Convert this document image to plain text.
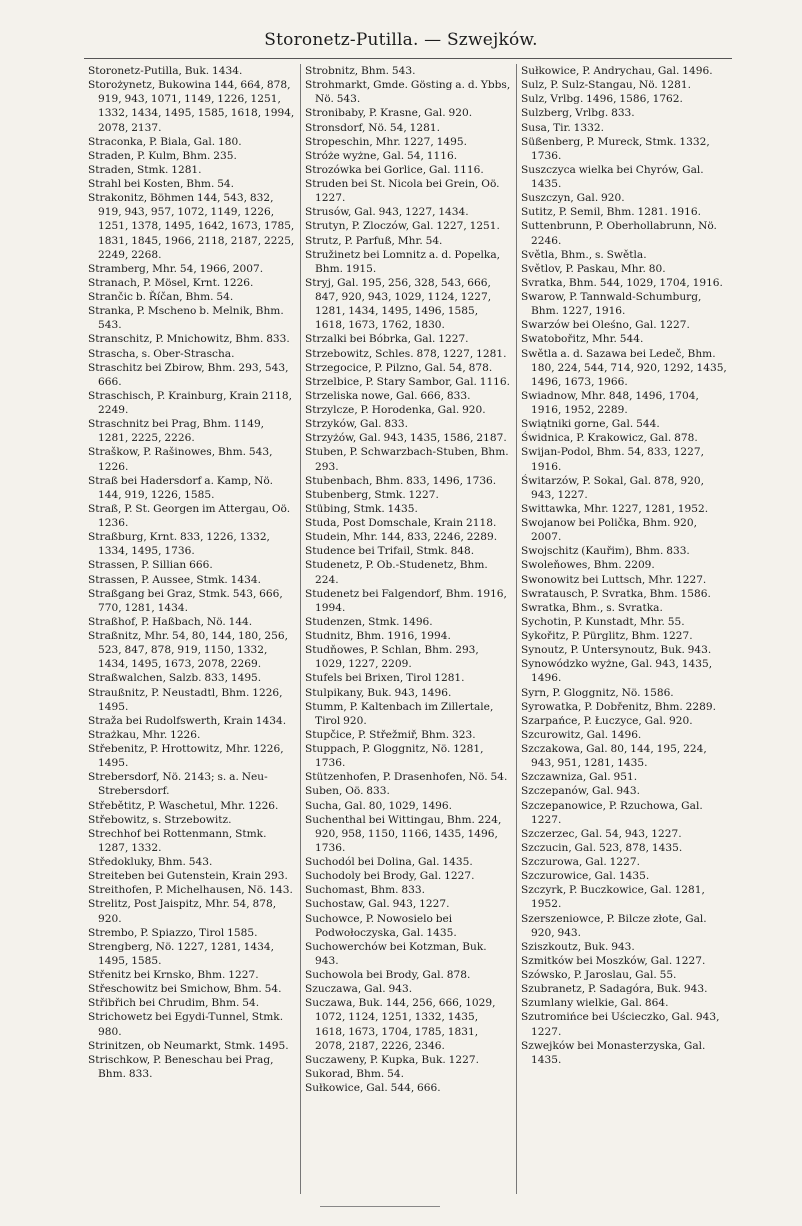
Storonetz-Putilla. — Szwejków.
Storonetz-Putilla, Buk. 1434.
Storożynetz, Bukowina 144, 664, 878, 919, 943, 1071, 1149, 1226, 1251, 1332, 1434, 1495, 1585, 1618, 1994, 2078, 2137.
Straconka, P. Biala, Gal. 180.
Straden, P. Kulm, Bhm. 235.
Straden, Stmk. 1281.
Strahl bei Kosten, Bhm. 54.
Strakonitz, Böhmen 144, 543, 832, 919, 943, 957, 1072, 1149, 1226, 1251, 1378, 1495, 1642, 1673, 1785, 1831, 1845, 1966, 2118, 2187, 2225, 2249, 2268.
Stramberg, Mhr. 54, 1966, 2007.
Stranach, P. Mösel, Krnt. 1226.
Strančic b. Říčan, Bhm. 54.
Stranka, P. Mscheno b. Melnik, Bhm. 543.
Stranschitz, P. Mnichowitz, Bhm. 833.
Strascha, s. Ober-Strascha.
Straschitz bei Zbirow, Bhm. 293, 543, 666.
Straschisch, P. Krainburg, Krain 2118, 2249.
Straschnitz bei Prag, Bhm. 1149, 1281, 2225, 2226.
Straškow, P. Rašinowes, Bhm. 543, 1226.
Straß bei Hadersdorf a. Kamp, Nö. 144, 919, 1226, 1585.
Straß, P. St. Georgen im Attergau, Oö. 1236.
Straßburg, Krnt. 833, 1226, 1332, 1334, 1495, 1736.
Strassen, P. Sillian 666.
Strassen, P. Aussee, Stmk. 1434.
Straßgang bei Graz, Stmk. 543, 666, 770, 1281, 1434.
Straßhof, P. Haßbach, Nö. 144.
Straßnitz, Mhr. 54, 80, 144, 180, 256, 523, 847, 878, 919, 1150, 1332, 1434, 1495, 1673, 2078, 2269.
Straßwalchen, Salzb. 833, 1495.
Straußnitz, P. Neustadtl, Bhm. 1226, 1495.
Straža bei Rudolfswerth, Krain 1434.
Strażkau, Mhr. 1226.
Střebenitz, P. Hrottowitz, Mhr. 1226, 1495.
Strebersdorf, Nö. 2143; s. a. Neu-Strebersdorf.
Střebětitz, P. Waschetul, Mhr. 1226.
Střebowitz, s. Strzebowitz.
Strechhof bei Rottenmann, Stmk. 1287, 1332.
Středokluky, Bhm. 543.
Streiteben bei Gutenstein, Krain 293.
Streithofen, P. Michelhausen, Nö. 143.
Strelitz, Post Jaispitz, Mhr. 54, 878, 920.
Strembo, P. Spiazzo, Tirol 1585.
Strengberg, Nö. 1227, 1281, 1434, 1495, 1585.
Střenitz bei Krnsko, Bhm. 1227.
Střeschowitz bei Smichow, Bhm. 54.
Střibřich bei Chrudim, Bhm. 54.
Strichowetz bei Egydi-Tunnel, Stmk. 980.
Strinitzen, ob Neumarkt, Stmk. 1495.
Strischkow, P. Beneschau bei Prag, Bhm. 833.
Strobnitz, Bhm. 543.
Strohmarkt, Gmde. Gösting a. d. Ybbs, Nö. 543.
Stronibaby, P. Krasne, Gal. 920.
Stronsdorf, Nö. 54, 1281.
Stropeschin, Mhr. 1227, 1495.
Stróże wyżne, Gal. 54, 1116.
Strozówka bei Gorlice, Gal. 1116.
Struden bei St. Nicola bei Grein, Oö. 1227.
Strusów, Gal. 943, 1227, 1434.
Strutyn, P. Zloczów, Gal. 1227, 1251.
Strutz, P. Parfuß, Mhr. 54.
Stružinetz bei Lomnitz a. d. Popelka, Bhm. 1915.
Stryj, Gal. 195, 256, 328, 543, 666, 847, 920, 943, 1029, 1124, 1227, 1281, 1434, 1495, 1496, 1585, 1618, 1673, 1762, 1830.
Strzalki bei Bóbrka, Gal. 1227.
Strzebowitz, Schles. 878, 1227, 1281.
Strzegocice, P. Pilzno, Gal. 54, 878.
Strzelbice, P. Stary Sambor, Gal. 1116.
Strzeliska nowe, Gal. 666, 833.
Strzylcze, P. Horodenka, Gal. 920.
Strzyków, Gal. 833.
Strzyżów, Gal. 943, 1435, 1586, 2187.
Stuben, P. Schwarzbach-Stuben, Bhm. 293.
Stubenbach, Bhm. 833, 1496, 1736.
Stubenberg, Stmk. 1227.
Stübing, Stmk. 1435.
Studa, Post Domschale, Krain 2118.
Studein, Mhr. 144, 833, 2246, 2289.
Studence bei Trifail, Stmk. 848.
Studenetz, P. Ob.-Studenetz, Bhm. 224.
Studenetz bei Falgendorf, Bhm. 1916, 1994.
Studenzen, Stmk. 1496.
Studnitz, Bhm. 1916, 1994.
Studňowes, P. Schlan, Bhm. 293, 1029, 1227, 2209.
Stufels bei Brixen, Tirol 1281.
Stulpikany, Buk. 943, 1496.
Stumm, P. Kaltenbach im Zillertale, Tirol 920.
Stupčice, P. Střežmiř, Bhm. 323.
Stuppach, P. Gloggnitz, Nö. 1281, 1736.
Stützenhofen, P. Drasenhofen, Nö. 54.
Suben, Oö. 833.
Sucha, Gal. 80, 1029, 1496.
Suchenthal bei Wittingau, Bhm. 224, 920, 958, 1150, 1166, 1435, 1496, 1736.
Suchodól bei Dolina, Gal. 1435.
Suchodoly bei Brody, Gal. 1227.
Suchomast, Bhm. 833.
Suchostaw, Gal. 943, 1227.
Suchowce, P. Nowosielo bei Podwołoczyska, Gal. 1435.
Suchowerchów bei Kotzman, Buk. 943.
Suchowola bei Brody, Gal. 878.
Szuczawa, Gal. 943.
Suczawa, Buk. 144, 256, 666, 1029, 1072, 1124, 1251, 1332, 1435, 1618, 1673, 1704, 1785, 1831, 2078, 2187, 2226, 2346.
Suczaweny, P. Kupka, Buk. 1227.
Sukorad, Bhm. 54.
Sułkowice, Gal. 544, 666.
Sułkowice, P. Andrychau, Gal. 1496.
Sulz, P. Sulz-Stangau, Nö. 1281.
Sulz, Vrlbg. 1496, 1586, 1762.
Sulzberg, Vrlbg. 833.
Susa, Tir. 1332.
Süßenberg, P. Mureck, Stmk. 1332, 1736.
Suszczyca wielka bei Chyrów, Gal. 1435.
Suszczyn, Gal. 920.
Sutitz, P. Semil, Bhm. 1281. 1916.
Suttenbrunn, P. Oberhollabrunn, Nö. 2246.
Světla, Bhm., s. Swětla.
Světlov, P. Paskau, Mhr. 80.
Svratka, Bhm. 544, 1029, 1704, 1916.
Swarow, P. Tannwald-Schumburg, Bhm. 1227, 1916.
Swarzów bei Oleśno, Gal. 1227.
Swatobořitz, Mhr. 544.
Swětla a. d. Sazawa bei Ledeč, Bhm. 180, 224, 544, 714, 920, 1292, 1435, 1496, 1673, 1966.
Swiadnow, Mhr. 848, 1496, 1704, 1916, 1952, 2289.
Swiątniki gorne, Gal. 544.
Świdnica, P. Krakowicz, Gal. 878.
Swijan-Podol, Bhm. 54, 833, 1227, 1916.
Świtarzów, P. Sokal, Gal. 878, 920, 943, 1227.
Swittawka, Mhr. 1227, 1281, 1952.
Swojanow bei Polička, Bhm. 920, 2007.
Swojschitz (Kauřim), Bhm. 833.
Swoleňowes, Bhm. 2209.
Swonowitz bei Luttsch, Mhr. 1227.
Swratausch, P. Svratka, Bhm. 1586.
Swratka, Bhm., s. Svratka.
Sychotin, P. Kunstadt, Mhr. 55.
Sykořitz, P. Pürglitz, Bhm. 1227.
Synoutz, P. Untersynoutz, Buk. 943.
Synowódzko wyżne, Gal. 943, 1435, 1496.
Syrn, P. Gloggnitz, Nö. 1586.
Syrowatka, P. Dobřenitz, Bhm. 2289.
Szarpańce, P. Łuczyce, Gal. 920.
Szcurowitz, Gal. 1496.
Szczakowa, Gal. 80, 144, 195, 224, 943, 951, 1281, 1435.
Szczawniza, Gal. 951.
Szczepanów, Gal. 943.
Szczepanowice, P. Rzuchowa, Gal. 1227.
Szczerzec, Gal. 54, 943, 1227.
Szczucin, Gal. 523, 878, 1435.
Szczurowa, Gal. 1227.
Szczurowice, Gal. 1435.
Szczyrk, P. Buczkowice, Gal. 1281, 1952.
Szerszeniowce, P. Bilcze złote, Gal. 920, 943.
Sziszkoutz, Buk. 943.
Szmitków bei Moszków, Gal. 1227.
Szówsko, P. Jaroslau, Gal. 55.
Szubranetz, P. Sadagóra, Buk. 943.
Szumlany wielkie, Gal. 864.
Szutromińce bei Uścieczko, Gal. 943, 1227.
Szwejków bei Monasterzyska, Gal. 1435.
